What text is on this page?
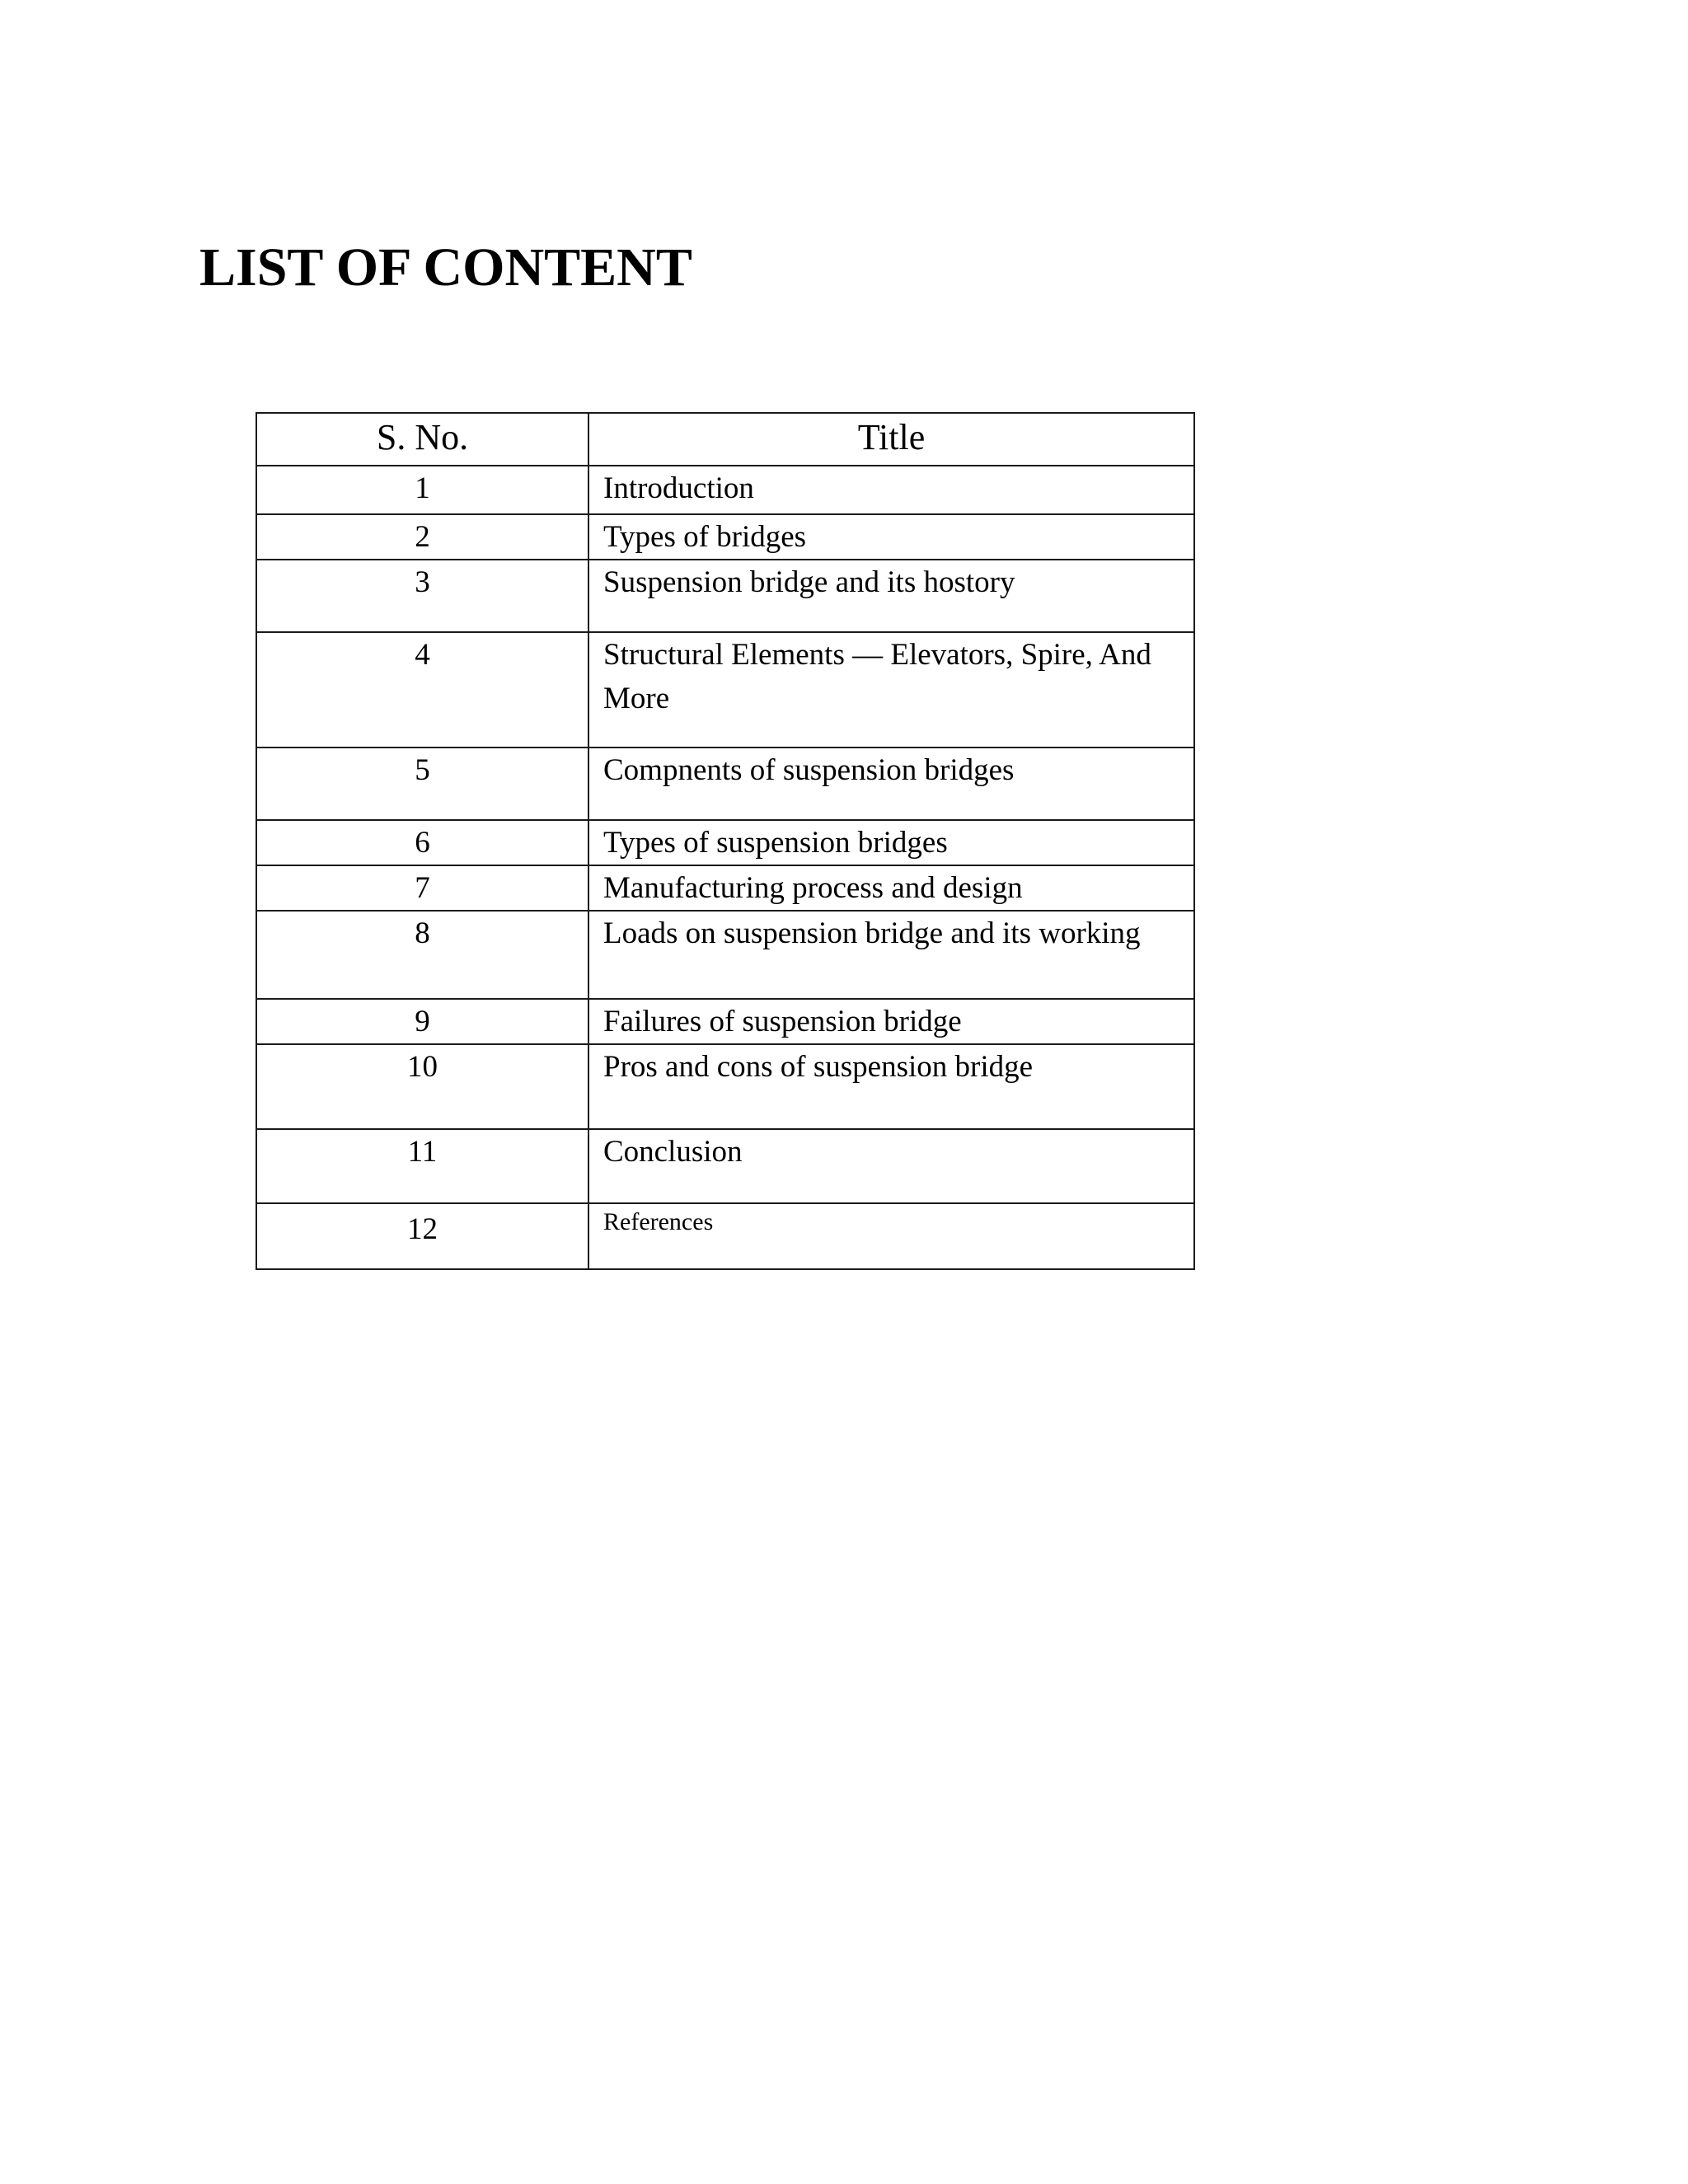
LIST OF CONTENT
S. No.	Title
1	Introduction
2	Types of bridges
3	Suspension bridge and its hostory
4	Structural Elements — Elevators, Spire, And More
5	Compnents of suspension bridges
6	Types of suspension bridges
7	Manufacturing process and design
8	Loads on suspension bridge and its working
9	Failures of suspension bridge
10	Pros and cons of suspension bridge
11	Conclusion
12	References
